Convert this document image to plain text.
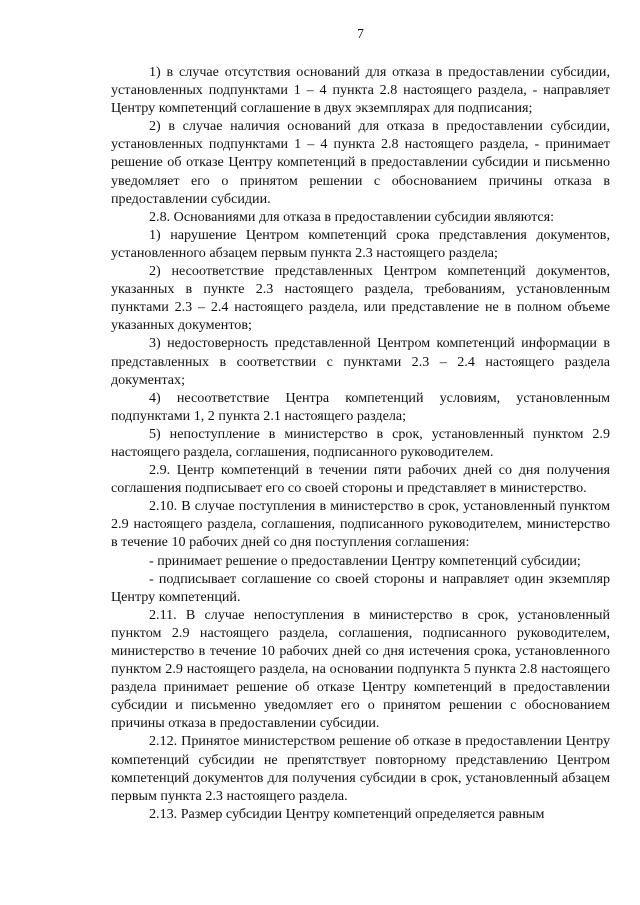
7

1) в случае отсутствия оснований для отказа в предоставлении субсидии, установленных подпунктами 1 – 4 пункта 2.8 настоящего раздела, - направляет Центру компетенций соглашение в двух экземплярах для подписания;

2) в случае наличия оснований для отказа в предоставлении субсидии, установленных подпунктами 1 – 4 пункта 2.8 настоящего раздела, - принимает решение об отказе Центру компетенций в предоставлении субсидии и письменно уведомляет его о принятом решении с обоснованием причины отказа в предоставлении субсидии.

2.8. Основаниями для отказа в предоставлении субсидии являются:

1) нарушение Центром компетенций срока представления документов, установленного абзацем первым пункта 2.3 настоящего раздела;

2) несоответствие представленных Центром компетенций документов, указанных в пункте 2.3 настоящего раздела, требованиям, установленным пунктами 2.3 – 2.4 настоящего раздела, или представление не в полном объеме указанных документов;

3) недостоверность представленной Центром компетенций информации в представленных в соответствии с пунктами 2.3 – 2.4 настоящего раздела документах;

4) несоответствие Центра компетенций условиям, установленным подпунктами 1, 2 пункта 2.1 настоящего раздела;

5) непоступление в министерство в срок, установленный пунктом 2.9 настоящего раздела, соглашения, подписанного руководителем.

2.9. Центр компетенций в течении пяти рабочих дней со дня получения соглашения подписывает его со своей стороны и представляет в министерство.

2.10. В случае поступления в министерство в срок, установленный пунктом 2.9 настоящего раздела, соглашения, подписанного руководителем, министерство в течение 10 рабочих дней со дня поступления соглашения:

- принимает решение о предоставлении Центру компетенций субсидии;

- подписывает соглашение со своей стороны и направляет один экземпляр Центру компетенций.

2.11. В случае непоступления в министерство в срок, установленный пунктом 2.9 настоящего раздела, соглашения, подписанного руководителем, министерство в течение 10 рабочих дней со дня истечения срока, установленного пунктом 2.9 настоящего раздела, на основании подпункта 5 пункта 2.8 настоящего раздела принимает решение об отказе Центру компетенций в предоставлении субсидии и письменно уведомляет его о принятом решении с обоснованием причины отказа в предоставлении субсидии.

2.12. Принятое министерством решение об отказе в предоставлении Центру компетенций субсидии не препятствует повторному представлению Центром компетенций документов для получения субсидии в срок, установленный абзацем первым пункта 2.3 настоящего раздела.

2.13. Размер субсидии Центру компетенций определяется равным
